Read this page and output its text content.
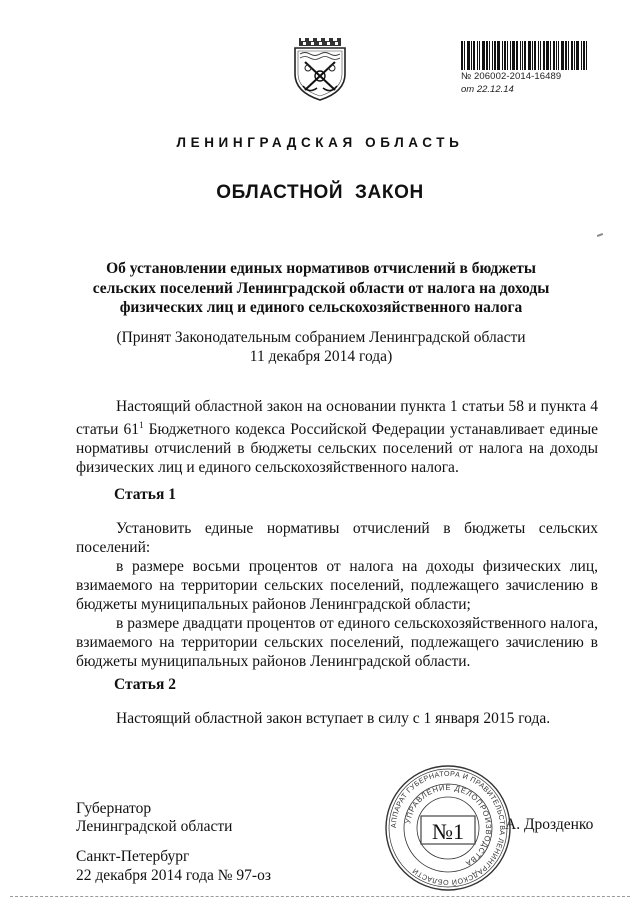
№ 206002-2014-16489
от 22.12.14
ЛЕНИНГРАДСКАЯ ОБЛАСТЬ
ОБЛАСТНОЙ ЗАКОН
Об установлении единых нормативов отчислений в бюджеты
сельских поселений Ленинградской области от налога на доходы
физических лиц и единого сельскохозяйственного налога
(Принят Законодательным собранием Ленинградской области
11 декабря 2014 года)
Настоящий областной закон на основании пункта 1 статьи 58 и пункта 4 статьи $61^1$ Бюджетного кодекса Российской Федерации устанавливает единые нормативы отчислений в бюджеты сельских поселений от налога на доходы физических лиц и единого сельскохозяйственного налога.
Статья 1
Установить единые нормативы отчислений в бюджеты сельских поселений:
в размере восьми процентов от налога на доходы физических лиц, взимаемого на территории сельских поселений, подлежащего зачислению в бюджеты муниципальных районов Ленинградской области;
в размере двадцати процентов от единого сельскохозяйственного налога, взимаемого на территории сельских поселений, подлежащего зачислению в бюджеты муниципальных районов Ленинградской области.
Статья 2
Настоящий областной закон вступает в силу с 1 января 2015 года.
Губернатор
Ленинградской области	А. Дрозденко
Санкт-Петербург
22 декабря 2014 года № 97-оз
АППАРАТ ГУБЕРНАТОРА И ПРАВИТЕЛЬСТВА ЛЕНИНГРАДСКОЙ ОБЛАСТИ
УПРАВЛЕНИЕ ДЕЛОПРОИЗВОДСТВА
№1
